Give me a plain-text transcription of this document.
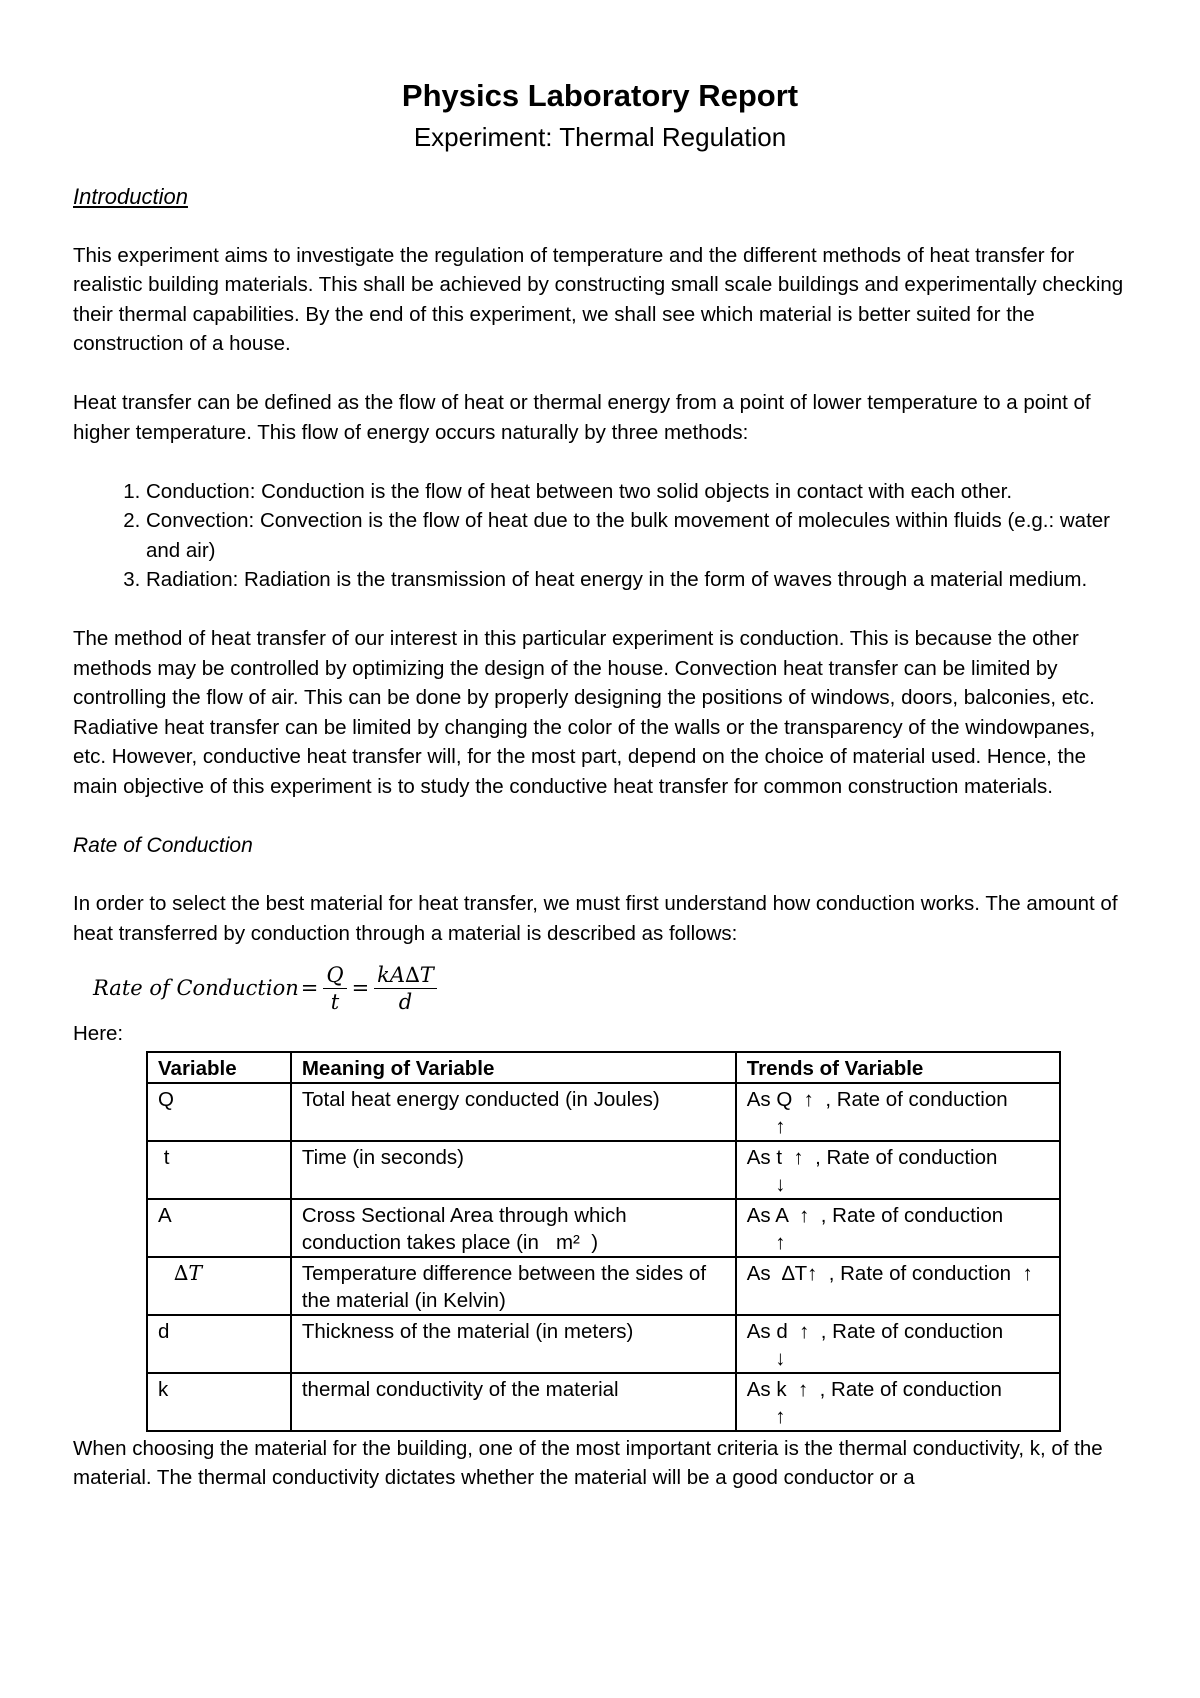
Physics Laboratory Report
Experiment: Thermal Regulation
Introduction

This experiment aims to investigate the regulation of temperature and the different methods of heat transfer for realistic building materials. This shall be achieved by constructing small scale buildings and experimentally checking their thermal capabilities. By the end of this experiment, we shall see which material is better suited for the construction of a house.

Heat transfer can be defined as the flow of heat or thermal energy from a point of lower temperature to a point of higher temperature. This flow of energy occurs naturally by three methods:

1. Conduction: Conduction is the flow of heat between two solid objects in contact with each other.
2. Convection: Convection is the flow of heat due to the bulk movement of molecules within fluids (e.g.: water and air)
3. Radiation: Radiation is the transmission of heat energy in the form of waves through a material medium.

The method of heat transfer of our interest in this particular experiment is conduction. This is because the other methods may be controlled by optimizing the design of the house. Convection heat transfer can be limited by controlling the flow of air. This can be done by properly designing the positions of windows, doors, balconies, etc. Radiative heat transfer can be limited by changing the color of the walls or the transparency of the windowpanes, etc. However, conductive heat transfer will, for the most part, depend on the choice of material used. Hence, the main objective of this experiment is to study the conductive heat transfer for common construction materials.

Rate of Conduction

In order to select the best material for heat transfer, we must first understand how conduction works. The amount of heat transferred by conduction through a material is described as follows:

Rate of Conduction = $\frac{Q}{t} = \frac{kA\Delta T}{d}$
Here:
Variable	Meaning of Variable	Trends of Variable
Q	Total heat energy conducted (in Joules)	As Q  ↑  , Rate of conduction
↑
t	Time (in seconds)	As t  ↑  , Rate of conduction
↓
A	Cross Sectional Area through which conduction takes place (in   m²  )	As A  ↑  , Rate of conduction
↑
∆T	Temperature difference between the sides of the material (in Kelvin)	As  ∆T↑  , Rate of conduction  ↑
d	Thickness of the material (in meters)	As d  ↑  , Rate of conduction
↓
k	thermal conductivity of the material	As k  ↑  , Rate of conduction
↑

When choosing the material for the building, one of the most important criteria is the thermal conductivity, k, of the material. The thermal conductivity dictates whether the material will be a good conductor or a
